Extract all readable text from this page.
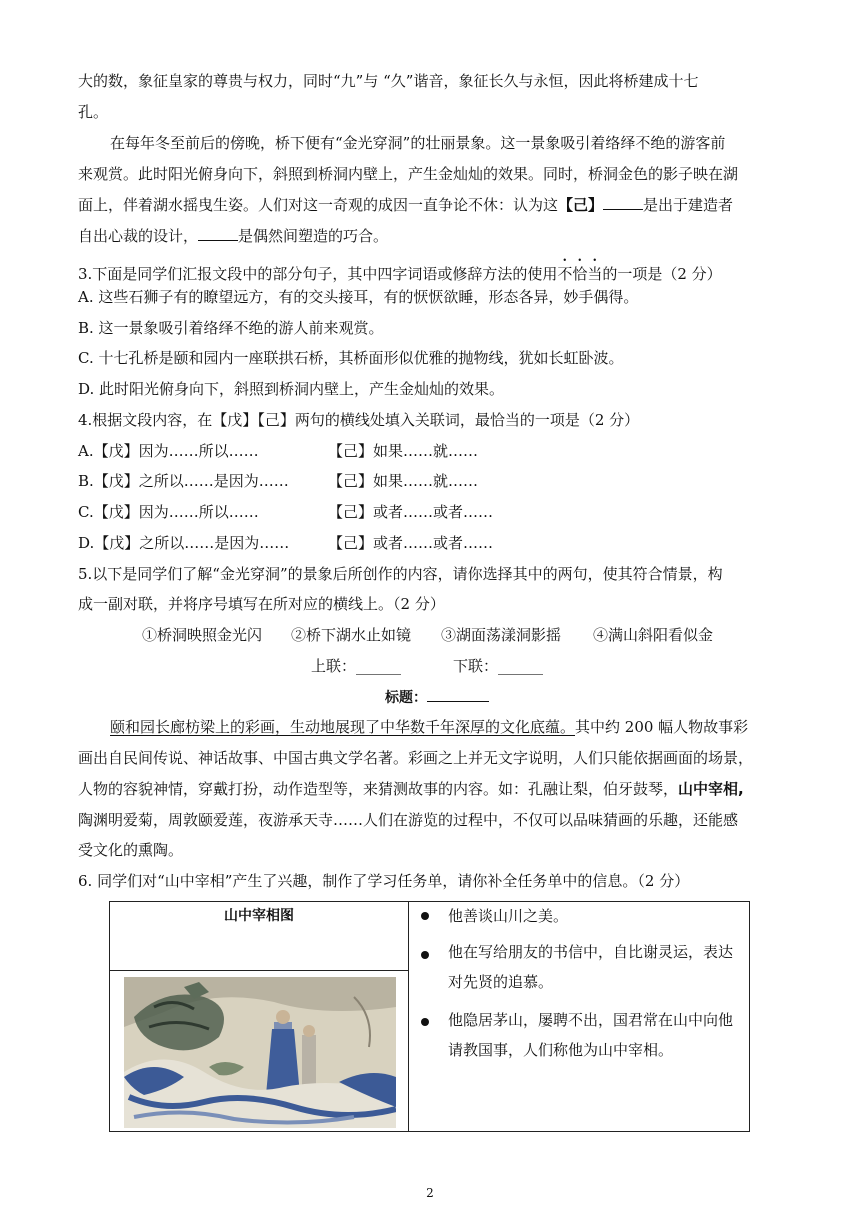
大的数，象征皇家的尊贵与权力，同时“九”与 “久”谐音，象征长久与永恒，因此将桥建成十七
孔。
在每年冬至前后的傍晚，桥下便有“金光穿洞”的壮丽景象。这一景象吸引着络绎不绝的游客前
来观赏。此时阳光俯身向下，斜照到桥洞内壁上，产生金灿灿的效果。同时，桥洞金色的影子映在湖
面上，伴着湖水摇曳生姿。人们对这一奇观的成因一直争论不休：认为这【己】	是出于建造者
自出心裁的设计，	是偶然间塑造的巧合。
3.下面是同学们汇报文段中的部分句子，其中四字词语或修辞方法的使用不恰当的一项是（2 分）
A. 这些石狮子有的瞭望远方，有的交头接耳，有的恹恹欲睡，形态各异，妙手偶得。
B. 这一景象吸引着络绎不绝的游人前来观赏。
C. 十七孔桥是颐和园内一座联拱石桥，其桥面形似优雅的抛物线，犹如长虹卧波。
D. 此时阳光俯身向下，斜照到桥洞内壁上，产生金灿灿的效果。
4.根据文段内容，在【戊】【己】两句的横线处填入关联词，最恰当的一项是（2 分）
A.【戊】因为……所以……	【己】如果……就……
B.【戊】之所以……是因为……	【己】如果……就……
C.【戊】因为……所以……	【己】或者……或者……
D.【戊】之所以……是因为……	【己】或者……或者……
5.以下是同学们了解“金光穿洞”的景象后所创作的内容，请你选择其中的两句，使其符合情景，构
成一副对联，并将序号填写在所对应的横线上。（2 分）
①桥洞映照金光闪 ②桥下湖水止如镜 ③湖面荡漾洞影摇 ④满山斜阳看似金
上联：______	下联：______
标题：
颐和园长廊枋梁上的彩画，生动地展现了中华数千年深厚的文化底蕴。其中约 200 幅人物故事彩
画出自民间传说、神话故事、中国古典文学名著。彩画之上并无文字说明，人们只能依据画面的场景，
人物的容貌神情，穿戴打扮，动作造型等，来猜测故事的内容。如：孔融让梨，伯牙鼓琴，山中宰相,
陶渊明爱菊，周敦颐爱莲，夜游承天寺……人们在游览的过程中，不仅可以品味猜画的乐趣，还能感
受文化的熏陶。
6. 同学们对“山中宰相”产生了兴趣，制作了学习任务单，请你补全任务单中的信息。（2 分）
山中宰相图	他善谈山川之美。
他在写给朋友的书信中，自比谢灵运，表达对先贤的追慕。
他隐居茅山，屡聘不出，国君常在山中向他请教国事，人们称他为山中宰相。
2
